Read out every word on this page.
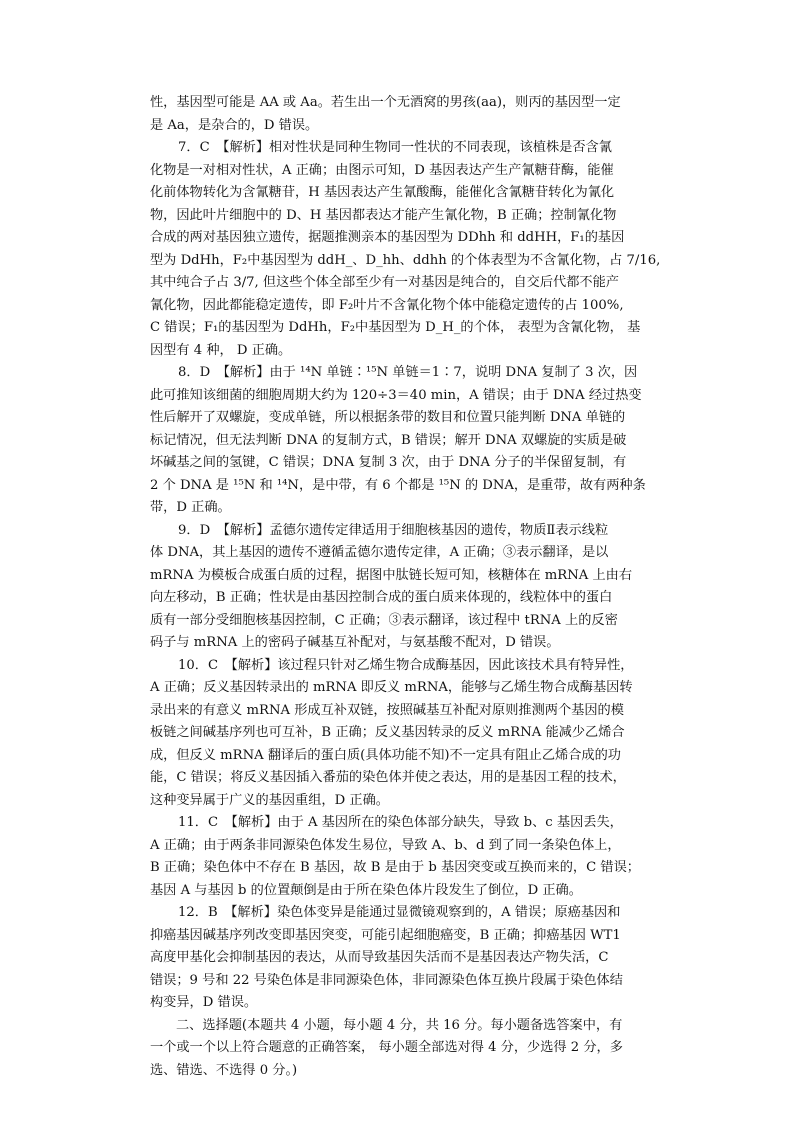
性，基因型可能是 AA 或 Aa。若生出一个无酒窝的男孩(aa)，则丙的基因型一定
是 Aa，是杂合的，D 错误。
7．C　【解析】相对性状是同种生物同一性状的不同表现，该植株是否含氰
化物是一对相对性状，A 正确；由图示可知，D 基因表达产生产氰糖苷酶，能催
化前体物转化为含氰糖苷，H 基因表达产生氰酸酶，能催化含氰糖苷转化为氰化
物，因此叶片细胞中的 D、H 基因都表达才能产生氰化物，B 正确；控制氰化物
合成的两对基因独立遗传，据题推测亲本的基因型为 DDhh 和 ddHH，F₁的基因
型为 DdHh，F₂中基因型为 ddH_、D_hh、ddhh 的个体表型为不含氰化物，占 7/16,
其中纯合子占 3/7, 但这些个体全部至少有一对基因是纯合的，自交后代都不能产
氰化物，因此都能稳定遗传，即 F₂叶片不含氰化物个体中能稳定遗传的占 100%,
C 错误；F₁的基因型为 DdHh，F₂中基因型为 D_H_的个体， 表型为含氰化物， 基
因型有 4 种， D 正确。
8．D　【解析】由于 ¹⁴N 单链∶¹⁵N 单链＝1∶7，说明 DNA 复制了 3 次，因
此可推知该细菌的细胞周期大约为 120÷3＝40 min，A 错误；由于 DNA 经过热变
性后解开了双螺旋，变成单链，所以根据条带的数目和位置只能判断 DNA 单链的
标记情况，但无法判断 DNA 的复制方式，B 错误；解开 DNA 双螺旋的实质是破
坏碱基之间的氢键，C 错误；DNA 复制 3 次，由于 DNA 分子的半保留复制，有
2 个 DNA 是 ¹⁵N 和 ¹⁴N，是中带，有 6 个都是 ¹⁵N 的 DNA，是重带，故有两种条
带，D 正确。
9．D　【解析】孟德尔遗传定律适用于细胞核基因的遗传，物质Ⅱ表示线粒
体 DNA，其上基因的遗传不遵循孟德尔遗传定律，A 正确；③表示翻译，是以
mRNA 为模板合成蛋白质的过程，据图中肽链长短可知，核糖体在 mRNA 上由右
向左移动，B 正确；性状是由基因控制合成的蛋白质来体现的，线粒体中的蛋白
质有一部分受细胞核基因控制，C 正确；③表示翻译，该过程中 tRNA 上的反密
码子与 mRNA 上的密码子碱基互补配对，与氨基酸不配对，D 错误。
10．C　【解析】该过程只针对乙烯生物合成酶基因，因此该技术具有特异性，
A 正确；反义基因转录出的 mRNA 即反义 mRNA，能够与乙烯生物合成酶基因转
录出来的有意义 mRNA 形成互补双链，按照碱基互补配对原则推测两个基因的模
板链之间碱基序列也可互补，B 正确；反义基因转录的反义 mRNA 能减少乙烯合
成，但反义 mRNA 翻译后的蛋白质(具体功能不知)不一定具有阻止乙烯合成的功
能，C 错误；将反义基因插入番茄的染色体并使之表达，用的是基因工程的技术，
这种变异属于广义的基因重组，D 正确。
11．C　【解析】由于 A 基因所在的染色体部分缺失，导致 b、c 基因丢失，
A 正确；由于两条非同源染色体发生易位，导致 A、b、d 到了同一条染色体上，
B 正确；染色体中不存在 B 基因，故 B 是由于 b 基因突变或互换而来的，C 错误；
基因 A 与基因 b 的位置颠倒是由于所在染色体片段发生了倒位，D 正确。
12．B　【解析】染色体变异是能通过显微镜观察到的，A 错误；原癌基因和
抑癌基因碱基序列改变即基因突变，可能引起细胞癌变，B 正确；抑癌基因 WT1
高度甲基化会抑制基因的表达，从而导致基因失活而不是基因表达产物失活，C
错误；9 号和 22 号染色体是非同源染色体，非同源染色体互换片段属于染色体结
构变异，D 错误。
二、选择题(本题共 4 小题，每小题 4 分，共 16 分。每小题备选答案中，有
一个或一个以上符合题意的正确答案， 每小题全部选对得 4 分，少选得 2 分，多
选、错选、不选得 0 分。)
